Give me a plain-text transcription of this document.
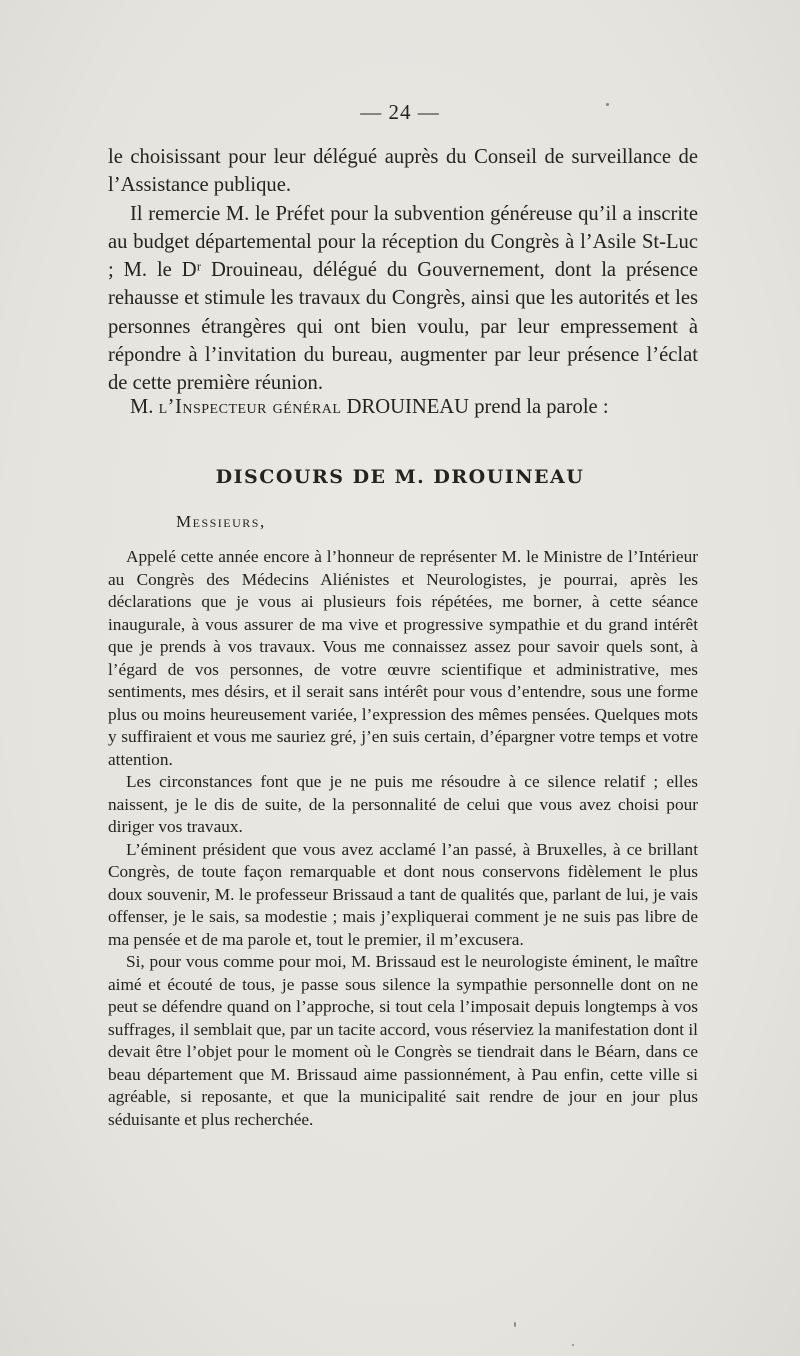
— 24 —

le choisissant pour leur délégué auprès du Conseil de surveillance de l’Assistance publique.

Il remercie M. le Préfet pour la subvention généreuse qu’il a inscrite au budget départemental pour la réception du Congrès à l’Asile St-Luc ; M. le Dʳ Drouineau, délégué du Gouvernement, dont la présence rehausse et stimule les travaux du Congrès, ainsi que les autorités et les personnes étrangères qui ont bien voulu, par leur empressement à répondre à l’invitation du bureau, augmenter par leur présence l’éclat de cette première réunion.

M. l’Inspecteur général DROUINEAU prend la parole :
DISCOURS DE M. DROUINEAU
Messieurs,

Appelé cette année encore à l’honneur de représenter M. le Ministre de l’Intérieur au Congrès des Médecins Aliénistes et Neurologistes, je pourrai, après les déclarations que je vous ai plusieurs fois répétées, me borner, à cette séance inaugurale, à vous assurer de ma vive et progressive sympathie et du grand intérêt que je prends à vos travaux. Vous me connaissez assez pour savoir quels sont, à l’égard de vos personnes, de votre œuvre scientifique et administrative, mes sentiments, mes désirs, et il serait sans intérêt pour vous d’entendre, sous une forme plus ou moins heureusement variée, l’expression des mêmes pensées. Quelques mots y suffiraient et vous me sauriez gré, j’en suis certain, d’épargner votre temps et votre attention.

Les circonstances font que je ne puis me résoudre à ce silence relatif ; elles naissent, je le dis de suite, de la personnalité de celui que vous avez choisi pour diriger vos travaux.

L’éminent président que vous avez acclamé l’an passé, à Bruxelles, à ce brillant Congrès, de toute façon remarquable et dont nous conservons fidèlement le plus doux souvenir, M. le professeur Brissaud a tant de qualités que, parlant de lui, je vais offenser, je le sais, sa modestie ; mais j’expliquerai comment je ne suis pas libre de ma pensée et de ma parole et, tout le premier, il m’excusera.

Si, pour vous comme pour moi, M. Brissaud est le neurologiste éminent, le maître aimé et écouté de tous, je passe sous silence la sympathie personnelle dont on ne peut se défendre quand on l’approche, si tout cela l’imposait depuis longtemps à vos suffrages, il semblait que, par un tacite accord, vous réserviez la manifestation dont il devait être l’objet pour le moment où le Congrès se tiendrait dans le Béarn, dans ce beau département que M. Brissaud aime passionnément, à Pau enfin, cette ville si agréable, si reposante, et que la municipalité sait rendre de jour en jour plus séduisante et plus recherchée.
